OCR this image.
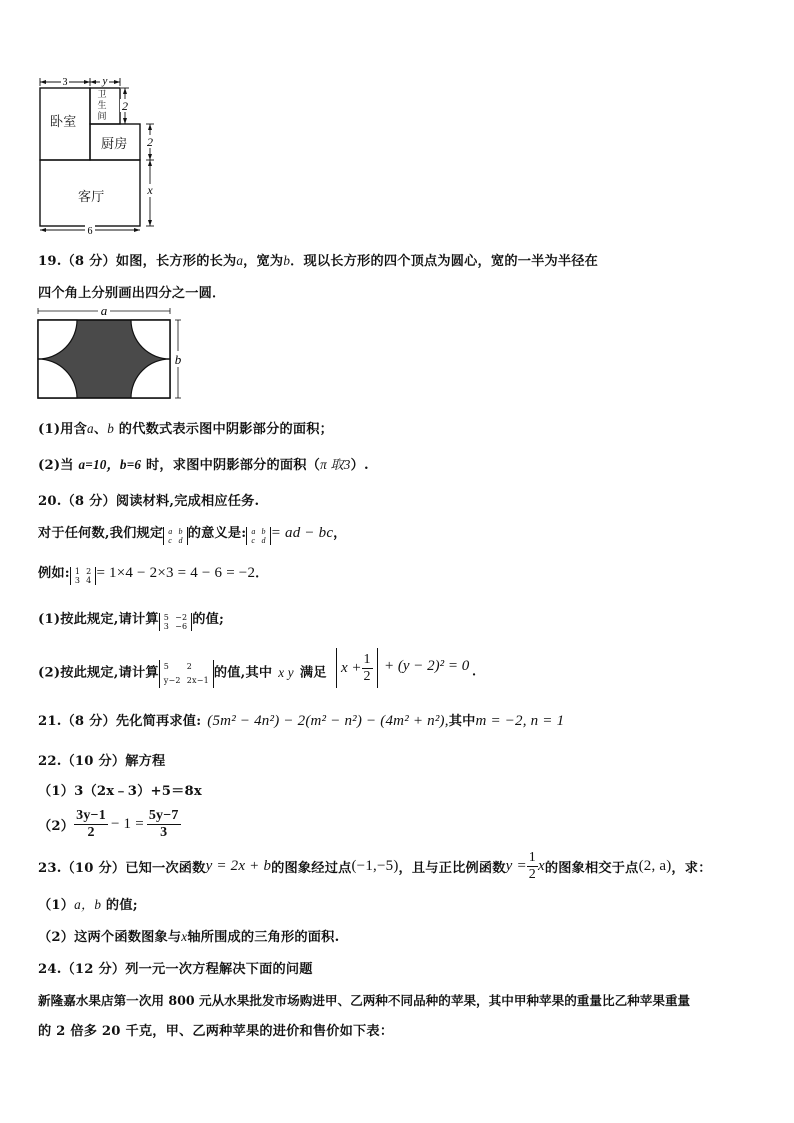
3	y
2
2
x
6
卧室
卫
生
间
厨房
客厅
19.（8 分）如图，长方形的长为a，宽为b．现以长方形的四个顶点为圆心，宽的一半为半径在
四个角上分别画出四分之一圆．
a
b
(1)用含a、b 的代数式表示图中阴影部分的面积；
(2)当 a=10，b=6 时，求图中阴影部分的面积（π 取3）.
20.（8 分）阅读材料,完成相应任务.
对于任何数,我们规定 a b
c d 的意义是: a b
c d = ad − bc，
例如: 1 2
3 4 = 1×4 − 2×3 = 4 − 6 = −2．
(1)按此规定,请计算 5 −2
3 −6 的值;
(2)按此规定,请计算 5	2
y−2 2x−1 的值,其中 x y 满足 $x + \frac{1}{2} + (y - 2)^2 = 0$ ．
21.（8 分）先化简再求值: (5m² − 4n²) − 2(m² − n²) − (4m² + n²),其中m = −2, n = 1
22.（10 分）解方程
（1）3（2x﹣3）+5＝8x
$(2) \frac{3y-1}{2} - 1 = \frac{5y-7}{3}$
23.（10 分）已知一次函数 y = 2x + b 的图象经过点 (−1,−5) ，且与正比例函数 $y = \frac{1}{2}$ x 的图象相交于点 (2, a) ，求：
（1）a，b 的值;
（2）这两个函数图象与x轴所围成的三角形的面积.
24.（12 分）列一元一次方程解决下面的问题
新隆嘉水果店第一次用 800 元从水果批发市场购进甲、乙两种不同品种的苹果，其中甲种苹果的重量比乙种苹果重量
的 2 倍多 20 千克，甲、乙两种苹果的进价和售价如下表：
